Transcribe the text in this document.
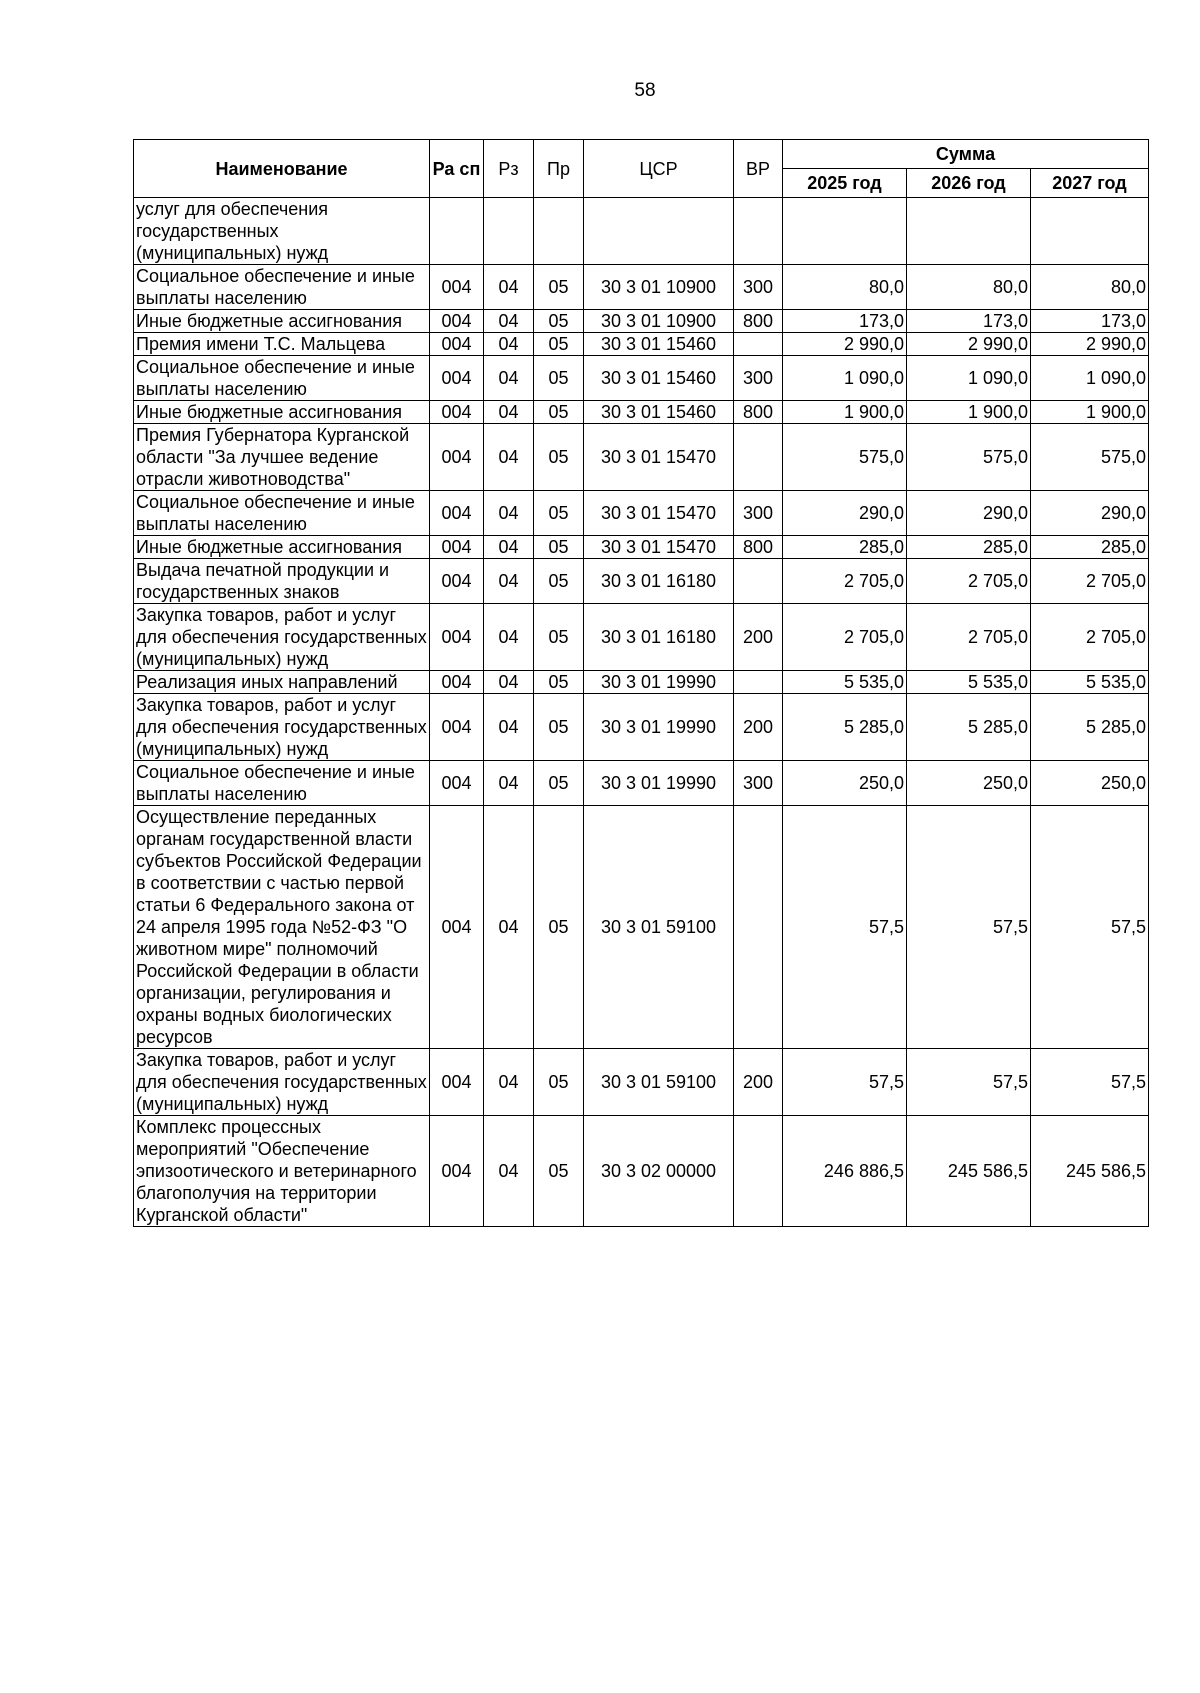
58
Наименование	Ра сп	Рз	Пр	ЦСР	ВР	Сумма		
						2025 год	2026 год	2027 год
услуг для обеспечения государственных (муниципальных) нужд								
Социальное обеспечение и иные выплаты населению	004	04	05	30 3 01 10900	300	80,0	80,0	80,0
Иные бюджетные ассигнования	004	04	05	30 3 01 10900	800	173,0	173,0	173,0
Премия имени Т.С. Мальцева	004	04	05	30 3 01 15460		2 990,0	2 990,0	2 990,0
Социальное обеспечение и иные выплаты населению	004	04	05	30 3 01 15460	300	1 090,0	1 090,0	1 090,0
Иные бюджетные ассигнования	004	04	05	30 3 01 15460	800	1 900,0	1 900,0	1 900,0
Премия Губернатора Курганской области "За лучшее ведение отрасли животноводства"	004	04	05	30 3 01 15470		575,0	575,0	575,0
Социальное обеспечение и иные выплаты населению	004	04	05	30 3 01 15470	300	290,0	290,0	290,0
Иные бюджетные ассигнования	004	04	05	30 3 01 15470	800	285,0	285,0	285,0
Выдача печатной продукции и государственных знаков	004	04	05	30 3 01 16180		2 705,0	2 705,0	2 705,0
Закупка товаров, работ и услуг для обеспечения государственных (муниципальных) нужд	004	04	05	30 3 01 16180	200	2 705,0	2 705,0	2 705,0
Реализация иных направлений	004	04	05	30 3 01 19990		5 535,0	5 535,0	5 535,0
Закупка товаров, работ и услуг для обеспечения государственных (муниципальных) нужд	004	04	05	30 3 01 19990	200	5 285,0	5 285,0	5 285,0
Социальное обеспечение и иные выплаты населению	004	04	05	30 3 01 19990	300	250,0	250,0	250,0
Осуществление переданных органам государственной власти субъектов Российской Федерации в соответствии с частью первой статьи 6 Федерального закона от 24 апреля 1995 года №52-ФЗ "О животном мире" полномочий Российской Федерации в области организации, регулирования и охраны водных биологических ресурсов	004	04	05	30 3 01 59100		57,5	57,5	57,5
Закупка товаров, работ и услуг для обеспечения государственных (муниципальных) нужд	004	04	05	30 3 01 59100	200	57,5	57,5	57,5
Комплекс процессных мероприятий "Обеспечение эпизоотического и ветеринарного благополучия на территории Курганской области"	004	04	05	30 3 02 00000		246 886,5	245 586,5	245 586,5
